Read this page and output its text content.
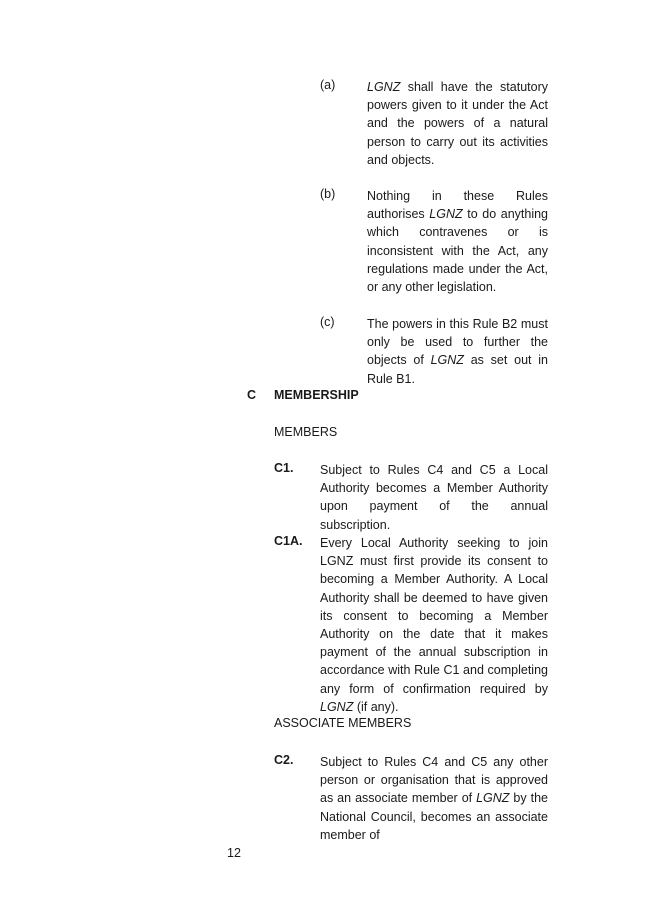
(a)	LGNZ shall have the statutory powers given to it under the Act and the powers of a natural person to carry out its activities and objects.
(b)	Nothing in these Rules authorises LGNZ to do anything which contravenes or is inconsistent with the Act, any regulations made under the Act, or any other legislation.
(c)	The powers in this Rule B2 must only be used to further the objects of LGNZ as set out in Rule B1.
C MEMBERSHIP
MEMBERS
C1. Subject to Rules C4 and C5 a Local Authority becomes a Member Authority upon payment of the annual subscription.
C1A. Every Local Authority seeking to join LGNZ must first provide its consent to becoming a Member Authority. A Local Authority shall be deemed to have given its consent to becoming a Member Authority on the date that it makes payment of the annual subscription in accordance with Rule C1 and completing any form of confirmation required by LGNZ (if any).
ASSOCIATE MEMBERS
C2. Subject to Rules C4 and C5 any other person or organisation that is approved as an associate member of LGNZ by the National Council, becomes an associate member of
12
